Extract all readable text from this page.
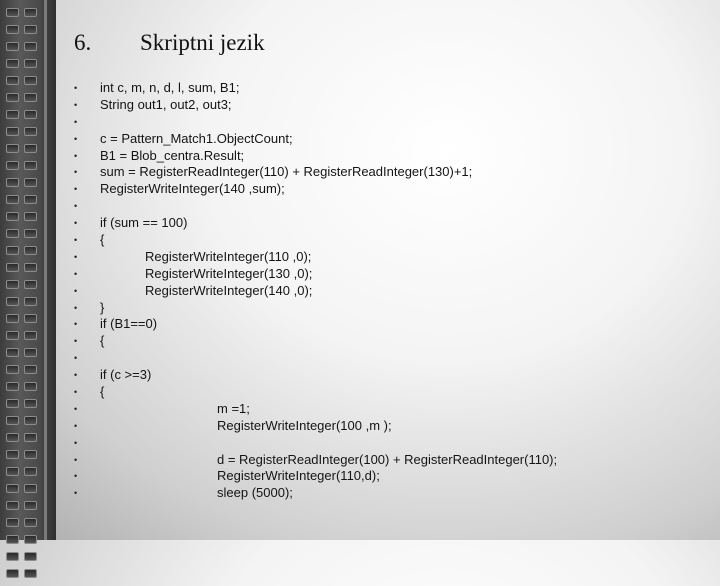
6. Skriptni jezik
• int c, m, n, d, l, sum, B1;
• String out1, out2, out3;
•
• c = Pattern_Match1.ObjectCount;
• B1 = Blob_centra.Result;
• sum = RegisterReadInteger(110) + RegisterReadInteger(130)+1;
• RegisterWriteInteger(140 ,sum);
•
• if (sum == 100)
• {
•	RegisterWriteInteger(110 ,0);
•	RegisterWriteInteger(130 ,0);
•	RegisterWriteInteger(140 ,0);
• }
• if (B1==0)
• {
•
• if (c >=3)
• {
•	m =1;
•	RegisterWriteInteger(100 ,m );
•
•	d = RegisterReadInteger(100) + RegisterReadInteger(110);
•	RegisterWriteInteger(110,d);
•	sleep (5000);
